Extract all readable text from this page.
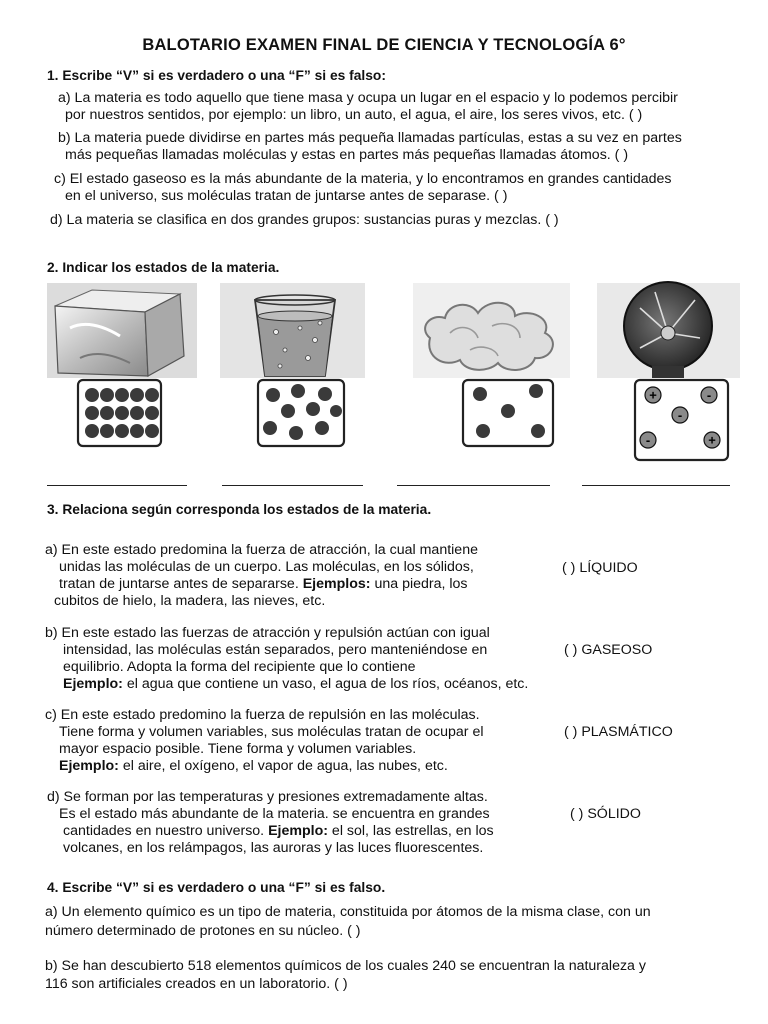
BALOTARIO EXAMEN FINAL DE CIENCIA Y TECNOLOGÍA 6°
1. Escribe “V” si es verdadero o una “F” si es falso:
a) La materia es todo aquello que tiene masa y ocupa un lugar en el espacio y lo podemos percibir
por nuestros sentidos, por ejemplo: un libro, un auto, el agua, el aire, los seres vivos, etc. ( )
b) La materia puede dividirse en partes más pequeña llamadas partículas, estas a su vez en partes
más pequeñas llamadas moléculas y estas en partes más pequeñas llamadas átomos. ( )
c) El estado gaseoso es la más abundante de la materia, y lo encontramos en grandes cantidades
en el universo, sus moléculas tratan de juntarse antes de separase. ( )
d) La materia se clasifica en dos grandes grupos: sustancias puras y mezclas. ( )
2. Indicar los estados de la materia.
+	-
-
-	+
3. Relaciona según corresponda los estados de la materia.
a) En este estado predomina la fuerza de atracción, la cual mantiene
unidas las moléculas de un cuerpo. Las moléculas, en los sólidos,
tratan de juntarse antes de separarse. Ejemplos: una piedra, los
cubitos de hielo, la madera, las nieves, etc.
( ) LÍQUIDO
b) En este estado las fuerzas de atracción y repulsión actúan con igual
intensidad, las moléculas están separados, pero manteniéndose en
equilibrio. Adopta la forma del recipiente que lo contiene
Ejemplo: el agua que contiene un vaso, el agua de los ríos, océanos, etc.
( ) GASEOSO
c) En este estado predomino la fuerza de repulsión en las moléculas.
Tiene forma y volumen variables, sus moléculas tratan de ocupar el
mayor espacio posible. Tiene forma y volumen variables.
Ejemplo: el aire, el oxígeno, el vapor de agua, las nubes, etc.
( ) PLASMÁTICO
d) Se forman por las temperaturas y presiones extremadamente altas.
Es el estado más abundante de la materia. se encuentra en grandes
cantidades en nuestro universo. Ejemplo: el sol, las estrellas, en los
volcanes, en los relámpagos, las auroras y las luces fluorescentes.
( ) SÓLIDO
4. Escribe “V” si es verdadero o una “F” si es falso.
a) Un elemento químico es un tipo de materia, constituida por átomos de la misma clase, con un
número determinado de protones en su núcleo. ( )
b) Se han descubierto 518 elementos químicos de los cuales 240 se encuentran la naturaleza y
116 son artificiales creados en un laboratorio. ( )
